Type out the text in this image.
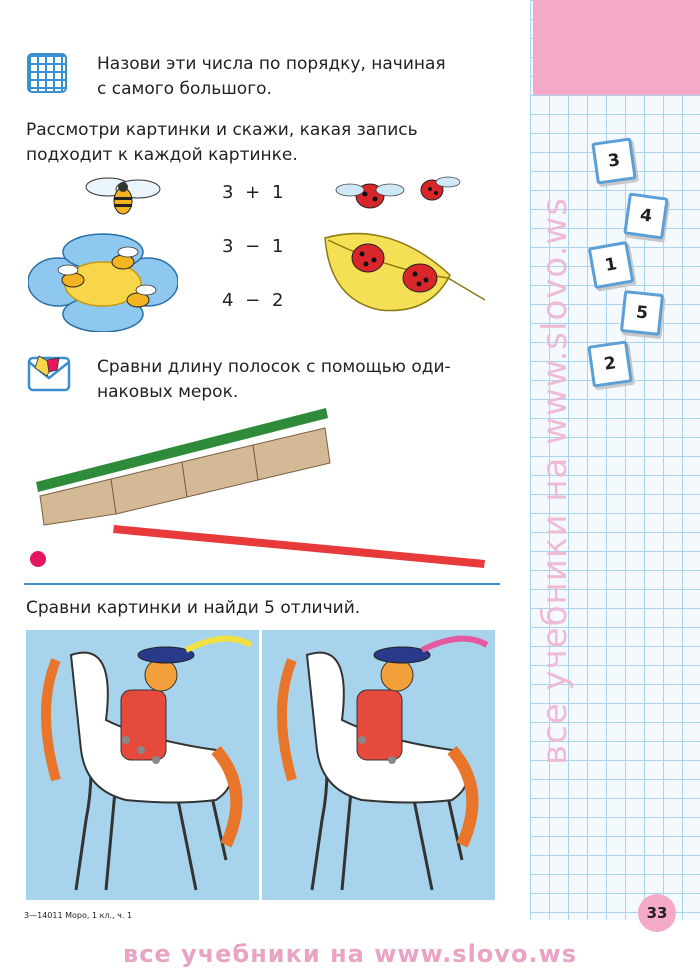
все учебники на www.slovo.ws
3
4
1
5
2
Назови эти числа по порядку, начиная
с самого большого.
Рассмотри картинки и скажи, какая запись
подходит к каждой картинке.
3 + 1
3 − 1
4 − 2
Сравни длину полосок с помощью оди-
наковых мерок.
Сравни картинки и найди 5 отличий.
3—14011 Моро, 1 кл., ч. 1	33
все учебники на www.slovo.ws
